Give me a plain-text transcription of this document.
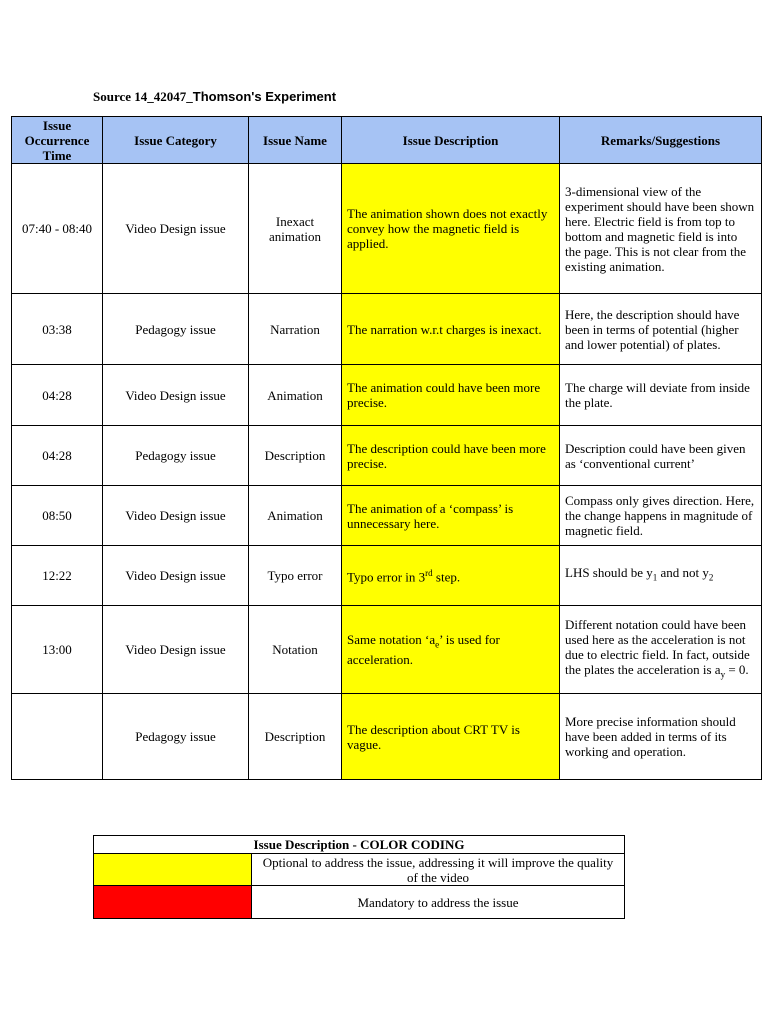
Source 14_42047_Thomson's Experiment
Issue Occurrence Time	Issue Category	Issue Name	Issue Description	Remarks/Suggestions
07:40 - 08:40	Video Design issue	Inexact animation	The animation shown does not exactly convey how the magnetic field is applied.	3-dimensional view of the experiment should have been shown here. Electric field is from top to bottom and magnetic field is into the page. This is not clear from the existing animation.
03:38	Pedagogy issue	Narration	The narration w.r.t charges is inexact.	Here, the description should have been in terms of potential (higher and lower potential) of plates.
04:28	Video Design issue	Animation	The animation could have been more precise.	The charge will deviate from inside the plate.
04:28	Pedagogy issue	Description	The description could have been more precise.	Description could have been given as ‘conventional current’
08:50	Video Design issue	Animation	The animation of a ‘compass’ is unnecessary here.	Compass only gives direction. Here, the change happens in magnitude of magnetic field.
12:22	Video Design issue	Typo error	Typo error in 3rd step.	LHS should be $y_1$ and not $y_2$
13:00	Video Design issue	Notation	Same notation ‘$a_e$’ is used for acceleration.	Different notation could have been used here as the acceleration is not due to electric field. In fact, outside the plates the acceleration is $a_y = 0$.
	Pedagogy issue	Description	The description about CRT TV is vague.	More precise information should have been added in terms of its working and operation.
Issue Description - COLOR CODING	
	Optional to address the issue, addressing it will improve the quality of the video
	Mandatory to address the issue
